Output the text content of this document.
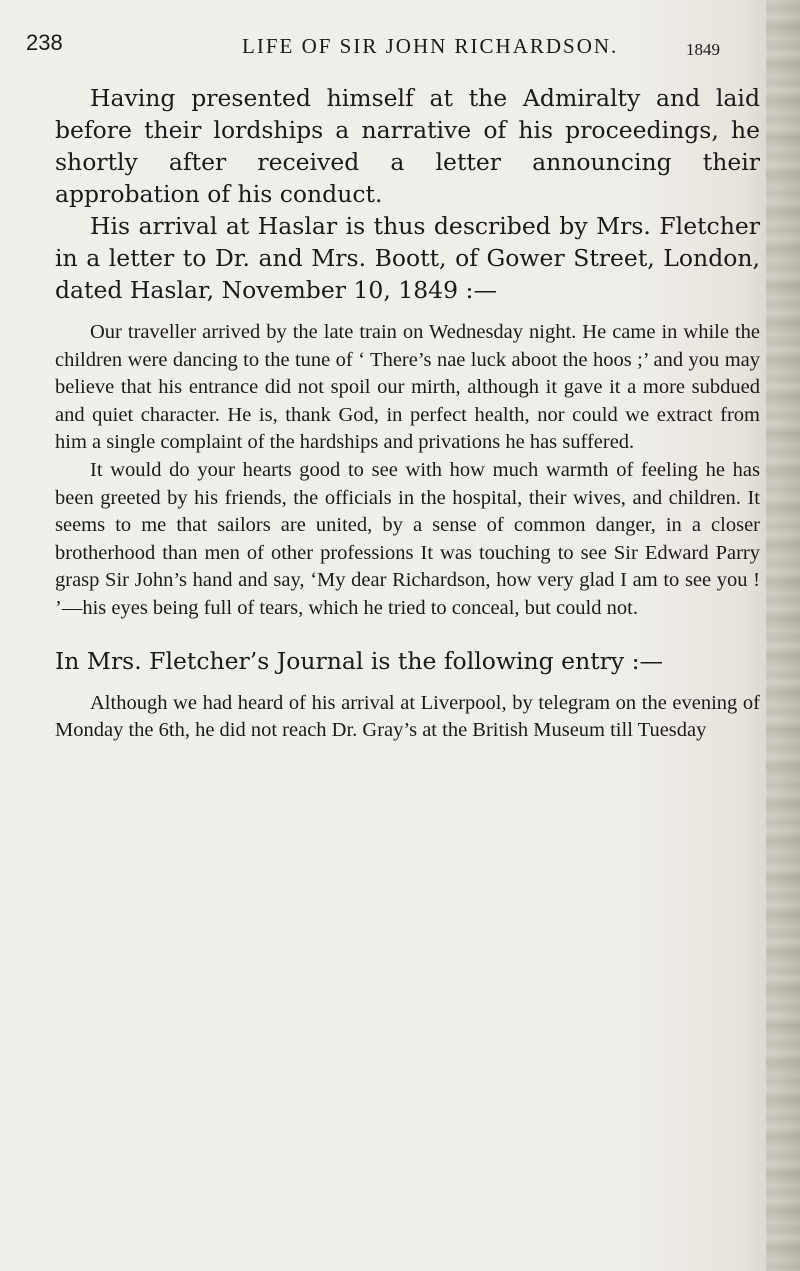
238	LIFE OF SIR JOHN RICHARDSON.	1849

Having presented himself at the Admiralty and laid before their lordships a narrative of his proceedings, he shortly after received a letter announcing their approbation of his conduct.

His arrival at Haslar is thus described by Mrs. Fletcher in a letter to Dr. and Mrs. Boott, of Gower Street, London, dated Haslar, November 10, 1849 :—

Our traveller arrived by the late train on Wednesday night. He came in while the children were dancing to the tune of ‘ There’s nae luck aboot the hoos ;’ and you may believe that his entrance did not spoil our mirth, although it gave it a more subdued and quiet character. He is, thank God, in perfect health, nor could we extract from him a single complaint of the hardships and privations he has suffered.

It would do your hearts good to see with how much warmth of feeling he has been greeted by his friends, the officials in the hospital, their wives, and children. It seems to me that sailors are united, by a sense of common danger, in a closer brotherhood than men of other professions It was touching to see Sir Edward Parry grasp Sir John’s hand and say, ‘My dear Richardson, how very glad I am to see you ! ’—his eyes being full of tears, which he tried to conceal, but could not.

In Mrs. Fletcher’s Journal is the following entry :—

Although we had heard of his arrival at Liverpool, by telegram on the evening of Monday the 6th, he did not reach Dr. Gray’s at the British Museum till Tuesday
